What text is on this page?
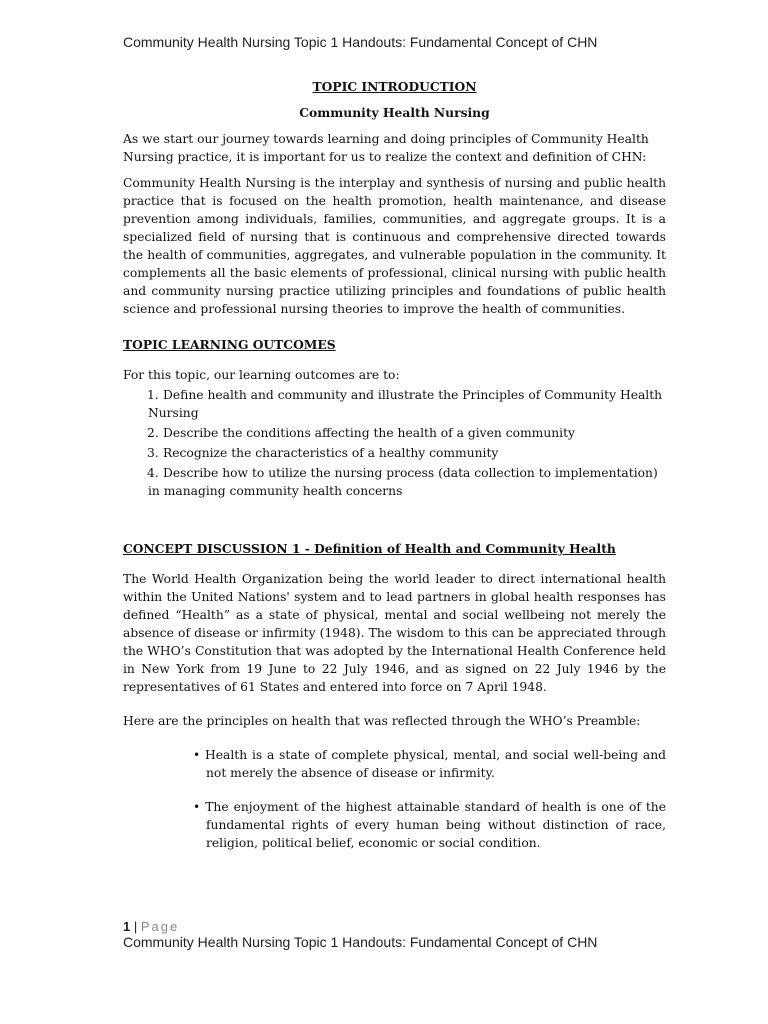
Community Health Nursing Topic 1 Handouts: Fundamental Concept of CHN

TOPIC INTRODUCTION

Community Health Nursing

As we start our journey towards learning and doing principles of Community Health Nursing practice, it is important for us to realize the context and definition of CHN:

Community Health Nursing is the interplay and synthesis of nursing and public health practice that is focused on the health promotion, health maintenance, and disease prevention among individuals, families, communities, and aggregate groups. It is a specialized field of nursing that is continuous and comprehensive directed towards the health of communities, aggregates, and vulnerable population in the community. It complements all the basic elements of professional, clinical nursing with public health and community nursing practice utilizing principles and foundations of public health science and professional nursing theories to improve the health of communities.

TOPIC LEARNING OUTCOMES

For this topic, our learning outcomes are to:

1. Define health and community and illustrate the Principles of Community Health Nursing
2. Describe the conditions affecting the health of a given community
3. Recognize the characteristics of a healthy community
4. Describe how to utilize the nursing process (data collection to implementation) in managing community health concerns
CONCEPT DISCUSSION 1 - Definition of Health and Community Health

The World Health Organization being the world leader to direct international health within the United Nations' system and to lead partners in global health responses has defined “Health” as a state of physical, mental and social wellbeing not merely the absence of disease or infirmity (1948). The wisdom to this can be appreciated through the WHO’s Constitution that was adopted by the International Health Conference held in New York from 19 June to 22 July 1946, and as signed on 22 July 1946 by the representatives of 61 States and entered into force on 7 April 1948.

Here are the principles on health that was reflected through the WHO’s Preamble:

• Health is a state of complete physical, mental, and social well-being and not merely the absence of disease or infirmity.
• The enjoyment of the highest attainable standard of health is one of the fundamental rights of every human being without distinction of race, religion, political belief, economic or social condition.
1 | Page
Community Health Nursing Topic 1 Handouts: Fundamental Concept of CHN
